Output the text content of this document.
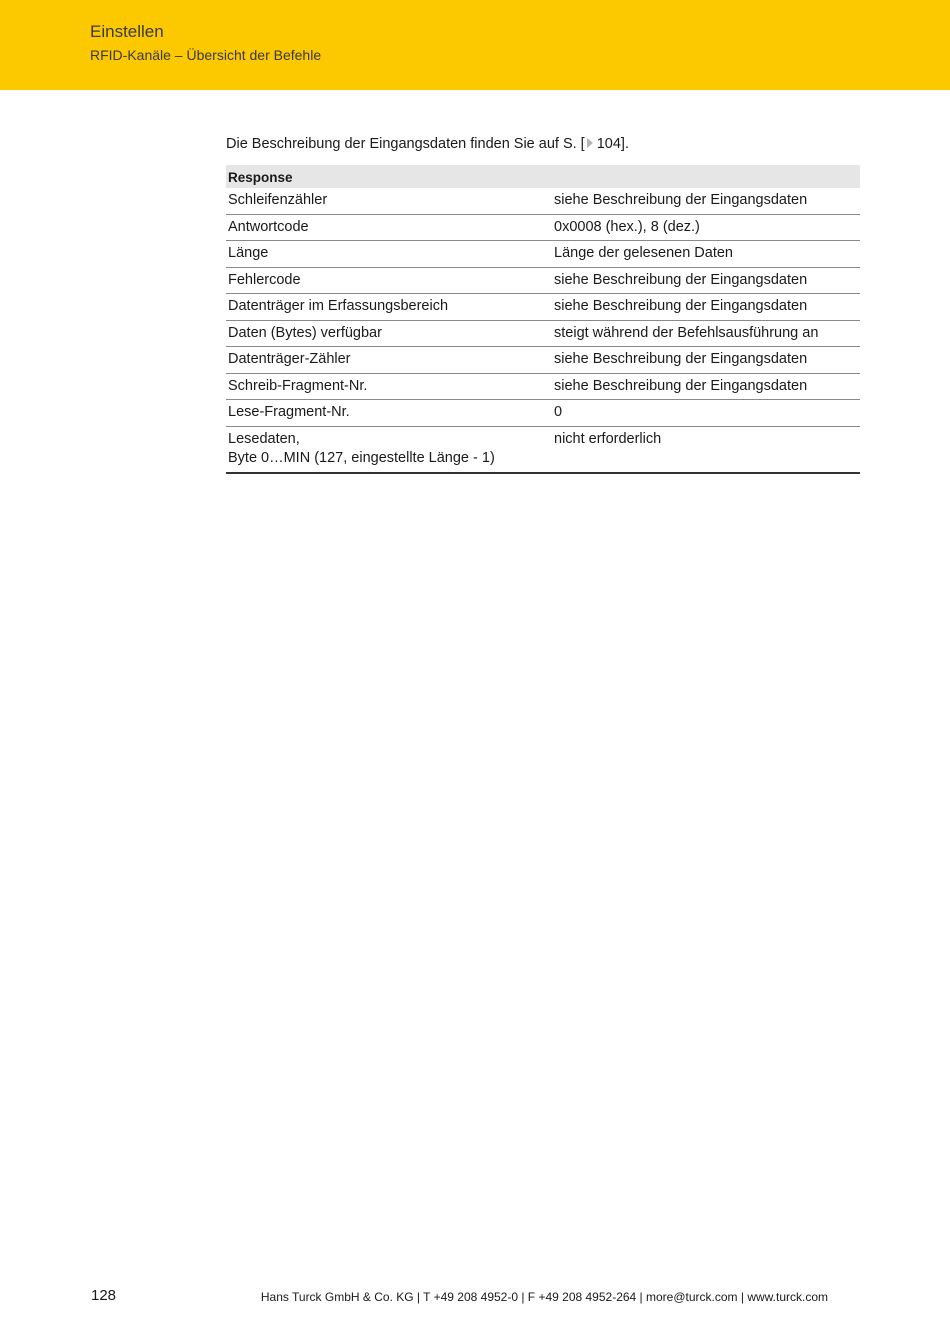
Einstellen
RFID-Kanäle – Übersicht der Befehle
Die Beschreibung der Eingangsdaten finden Sie auf S. [ 104].
Response	
Schleifenzähler	siehe Beschreibung der Eingangsdaten
Antwortcode	0x0008 (hex.), 8 (dez.)
Länge	Länge der gelesenen Daten
Fehlercode	siehe Beschreibung der Eingangsdaten
Datenträger im Erfassungsbereich	siehe Beschreibung der Eingangsdaten
Daten (Bytes) verfügbar	steigt während der Befehlsausführung an
Datenträger-Zähler	siehe Beschreibung der Eingangsdaten
Schreib-Fragment-Nr.	siehe Beschreibung der Eingangsdaten
Lese-Fragment-Nr.	0
Lesedaten,
Byte 0…MIN (127, eingestellte Länge - 1)	nicht erforderlich
128	Hans Turck GmbH & Co. KG | T +49 208 4952-0 | F +49 208 4952-264 | more@turck.com | www.turck.com
